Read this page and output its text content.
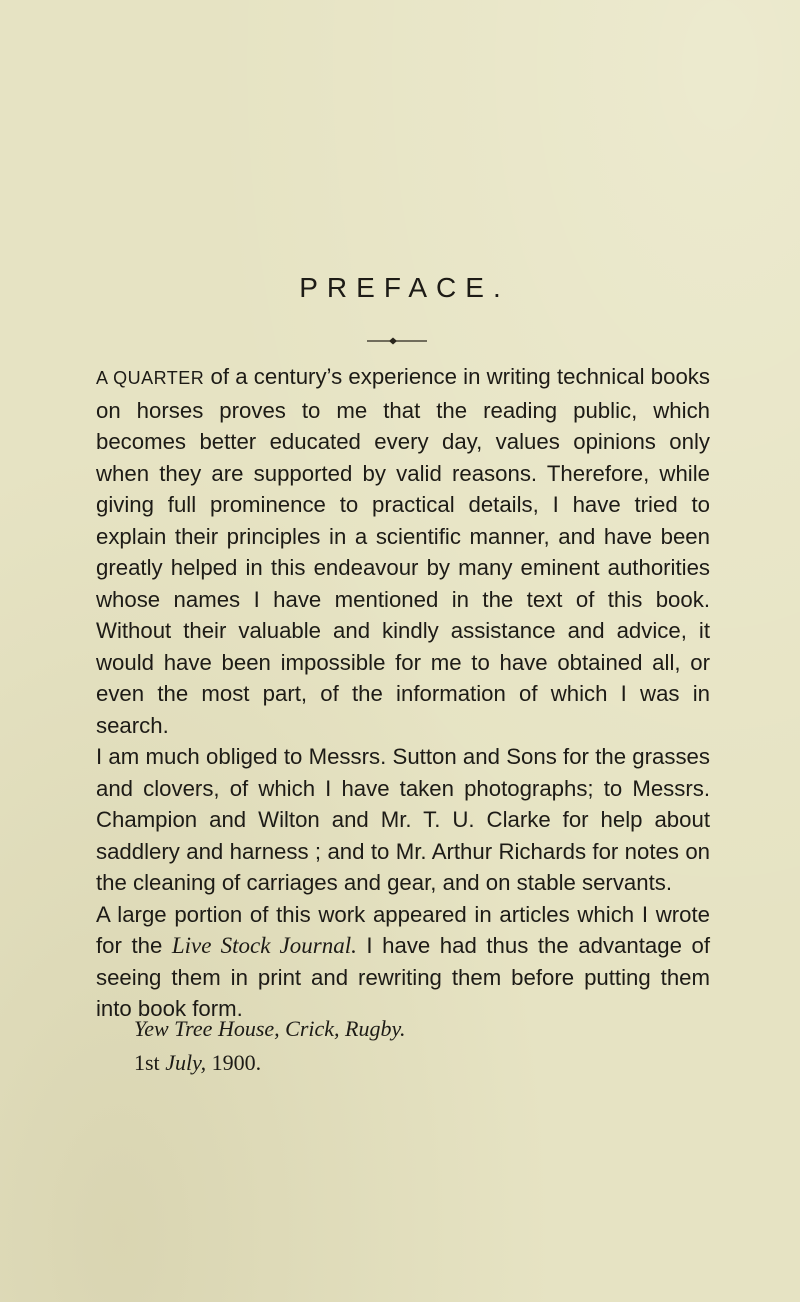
PREFACE.

A QUARTER of a century’s experience in writing technical books on horses proves to me that the reading public, which becomes better educated every day, values opinions only when they are supported by valid reasons. Therefore, while giving full prominence to practical details, I have tried to explain their principles in a scientific manner, and have been greatly helped in this endeavour by many eminent authorities whose names I have mentioned in the text of this book. Without their valuable and kindly assistance and advice, it would have been impossible for me to have obtained all, or even the most part, of the information of which I was in search.

I am much obliged to Messrs. Sutton and Sons for the grasses and clovers, of which I have taken photographs; to Messrs. Champion and Wilton and Mr. T. U. Clarke for help about saddlery and harness ; and to Mr. Arthur Richards for notes on the cleaning of carriages and gear, and on stable servants.

A large portion of this work appeared in articles which I wrote for the Live Stock Journal. I have had thus the advantage of seeing them in print and rewriting them before putting them into book form.

Yew Tree House, Crick, Rugby.
1st July, 1900.
